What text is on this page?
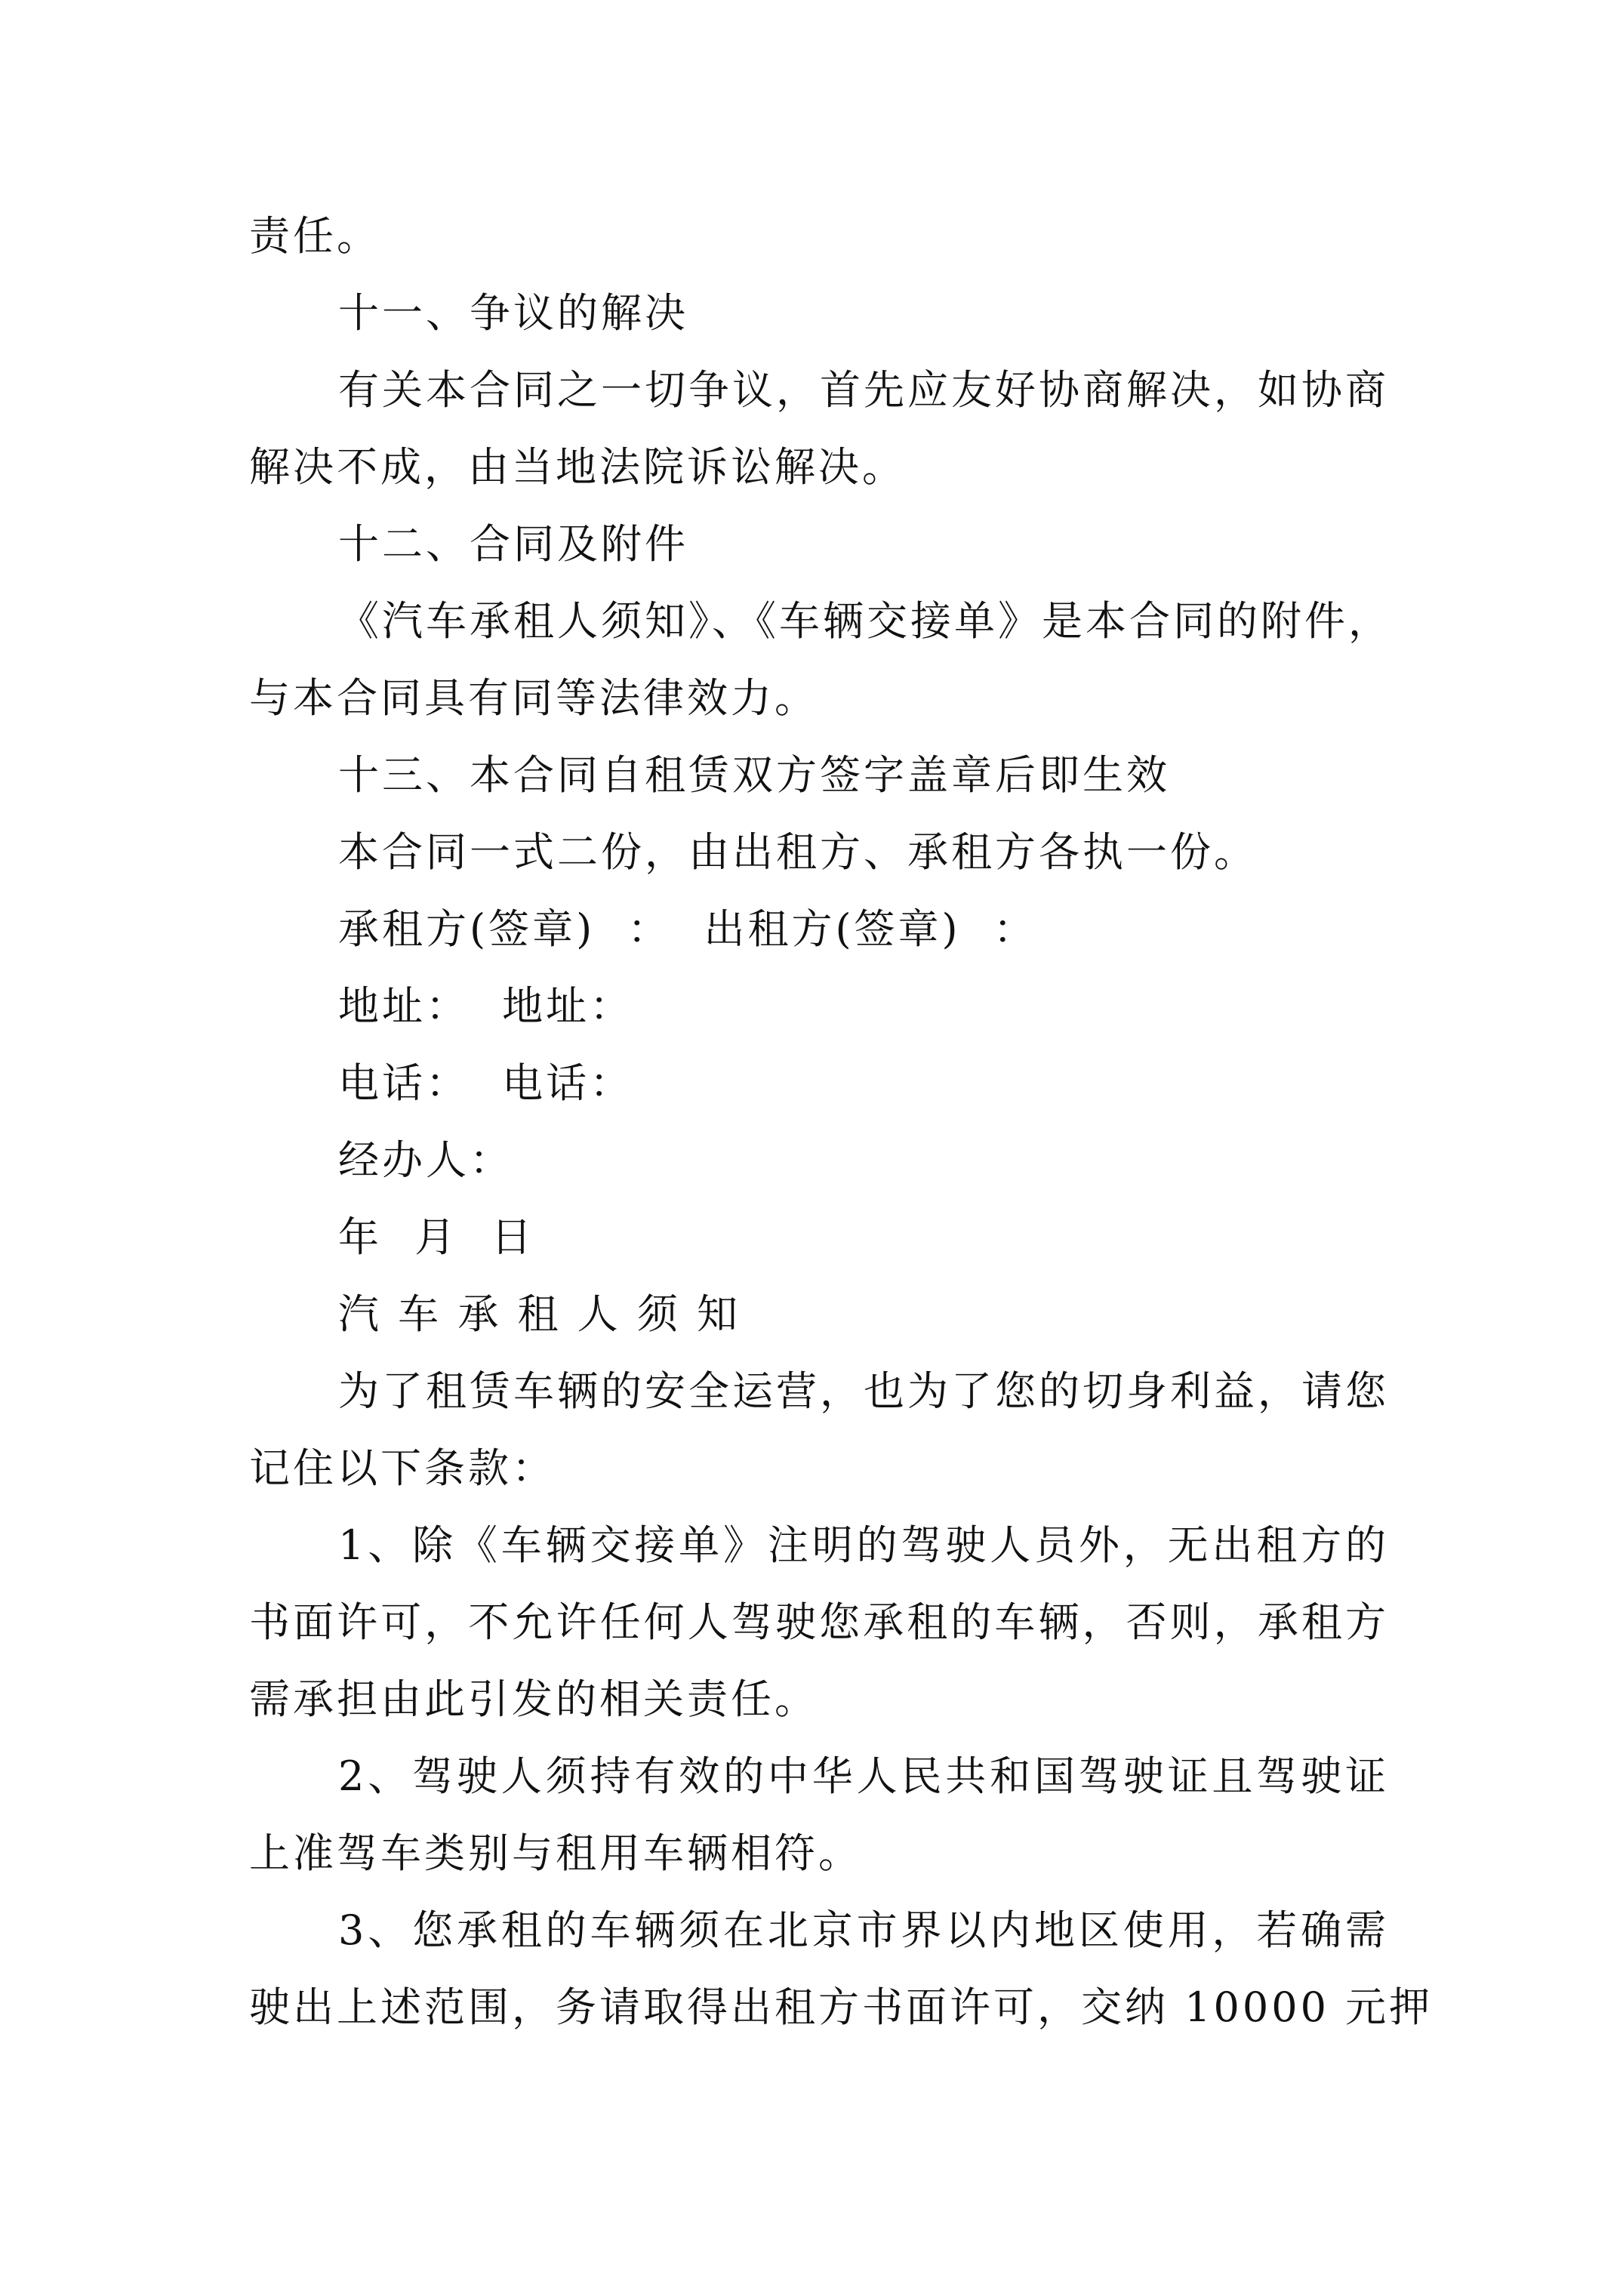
责任。
十一、争议的解决
有关本合同之一切争议，首先应友好协商解决，如协商
解决不成，由当地法院诉讼解决。
十二、合同及附件
《汽车承租人须知》、《车辆交接单》是本合同的附件，
与本合同具有同等法律效力。
十三、本合同自租赁双方签字盖章后即生效
本合同一式二份，由出租方、承租方各执一份。
承租方(签章) ： 出租方(签章) ：
地址： 地址：
电话： 电话：
经办人：
年 月 日
汽 车 承 租 人 须 知
为了租赁车辆的安全运营，也为了您的切身利益，请您
记住以下条款：
1、除《车辆交接单》注明的驾驶人员外，无出租方的
书面许可，不允许任何人驾驶您承租的车辆，否则，承租方
需承担由此引发的相关责任。
2、驾驶人须持有效的中华人民共和国驾驶证且驾驶证
上准驾车类别与租用车辆相符。
3、您承租的车辆须在北京市界以内地区使用，若确需
驶出上述范围，务请取得出租方书面许可，交纳 10000 元押
